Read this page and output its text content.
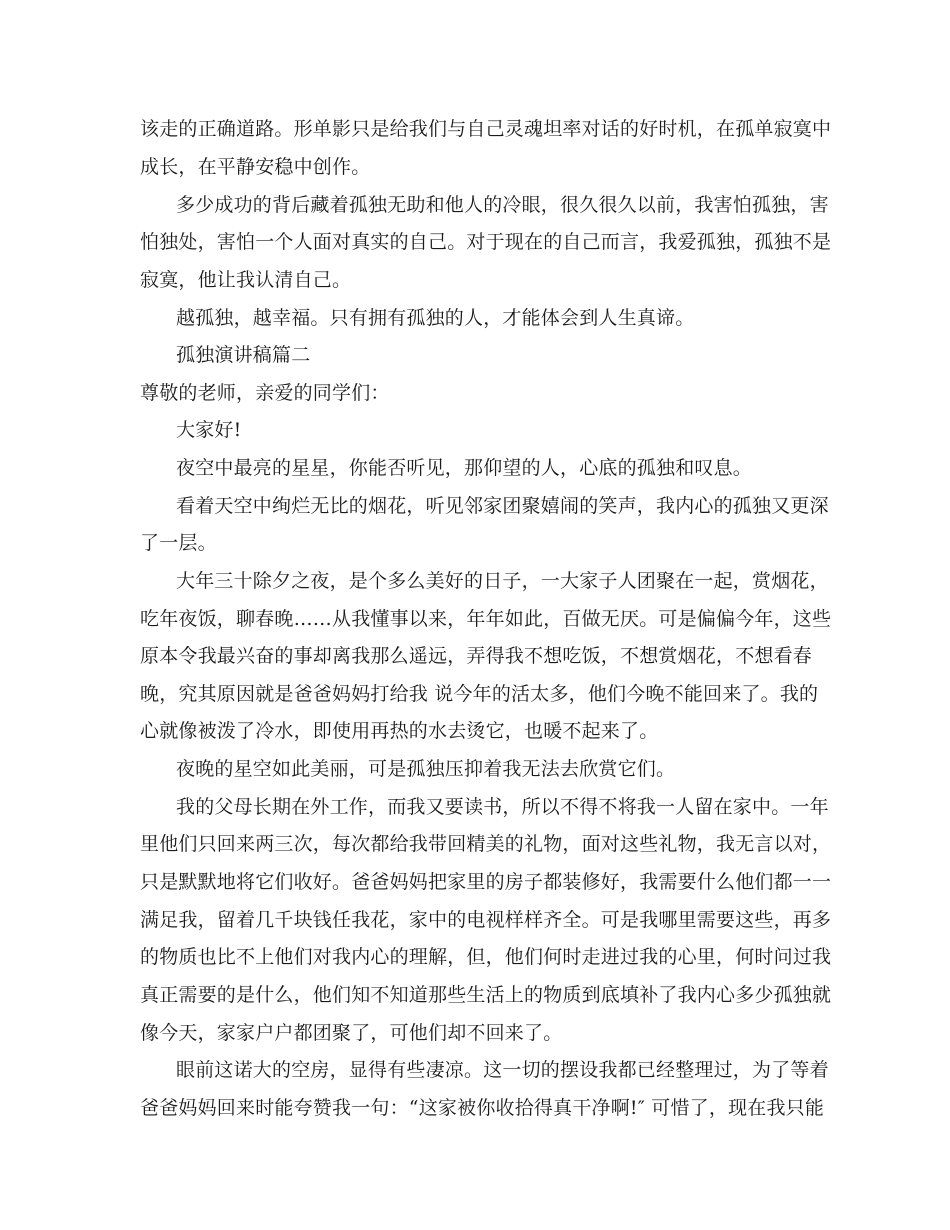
该走的正确道路。形单影只是给我们与自己灵魂坦率对话的好时机，在孤单寂寞中
成长，在平静安稳中创作。
多少成功的背后藏着孤独无助和他人的冷眼，很久很久以前，我害怕孤独，害
怕独处，害怕一个人面对真实的自己。对于现在的自己而言，我爱孤独，孤独不是
寂寞，他让我认清自己。
越孤独，越幸福。只有拥有孤独的人，才能体会到人生真谛。
孤独演讲稿篇二
尊敬的老师，亲爱的同学们：
大家好!
夜空中最亮的星星，你能否听见，那仰望的人，心底的孤独和叹息。
看着天空中绚烂无比的烟花，听见邻家团聚嬉闹的笑声，我内心的孤独又更深
了一层。
大年三十除夕之夜，是个多么美好的日子，一大家子人团聚在一起，赏烟花，
吃年夜饭，聊春晚……从我懂事以来，年年如此，百做无厌。可是偏偏今年，这些
原本令我最兴奋的事却离我那么遥远，弄得我不想吃饭，不想赏烟花，不想看春
晚，究其原因就是爸爸妈妈打给我 说今年的活太多，他们今晚不能回来了。我的
心就像被泼了冷水，即使用再热的水去烫它，也暖不起来了。
夜晚的星空如此美丽，可是孤独压抑着我无法去欣赏它们。
我的父母长期在外工作，而我又要读书，所以不得不将我一人留在家中。一年
里他们只回来两三次，每次都给我带回精美的礼物，面对这些礼物，我无言以对，
只是默默地将它们收好。爸爸妈妈把家里的房子都装修好，我需要什么他们都一一
满足我，留着几千块钱任我花，家中的电视样样齐全。可是我哪里需要这些，再多
的物质也比不上他们对我内心的理解，但，他们何时走进过我的心里，何时问过我
真正需要的是什么，他们知不知道那些生活上的物质到底填补了我内心多少孤独就
像今天，家家户户都团聚了，可他们却不回来了。
眼前这诺大的空房，显得有些凄凉。这一切的摆设我都已经整理过，为了等着
爸爸妈妈回来时能夸赞我一句：“这家被你收拾得真干净啊!″ 可惜了，现在我只能
